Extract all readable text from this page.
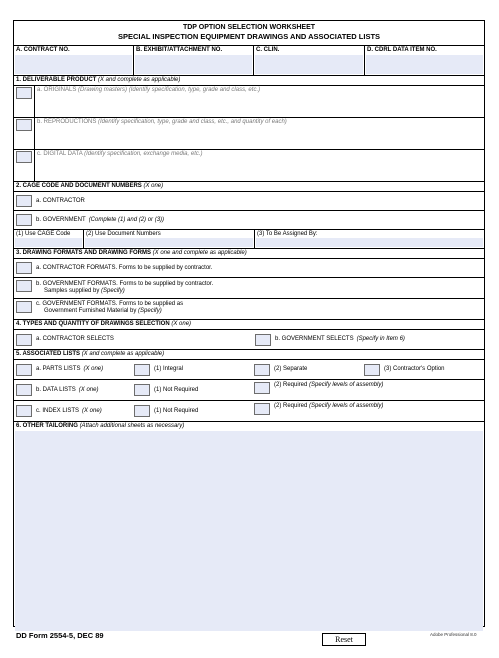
TDP OPTION SELECTION WORKSHEET
SPECIAL INSPECTION EQUIPMENT DRAWINGS AND ASSOCIATED LISTS
A. CONTRACT NO.	B. EXHIBIT/ATTACHMENT NO.	C. CLIN.	D. CDRL DATA ITEM NO.
1. DELIVERABLE PRODUCT (X and complete as applicable)
a. ORIGINALS (Drawing masters) (Identify specification, type, grade and class, etc.)
b. REPRODUCTIONS (Identify specification, type, grade and class, etc., and quantity of each)
c. DIGITAL DATA (Identify specification, exchange media, etc.)
2. CAGE CODE AND DOCUMENT NUMBERS (X one)
a. CONTRACTOR
b. GOVERNMENT (Complete (1) and (2) or (3))
(1) Use CAGE Code	(2) Use Document Numbers	(3) To Be Assigned By:
3. DRAWING FORMATS AND DRAWING FORMS (X one and complete as applicable)
a. CONTRACTOR FORMATS. Forms to be supplied by contractor.
b. GOVERNMENT FORMATS. Forms to be supplied by contractor.
Samples supplied by (Specify)
c. GOVERNMENT FORMATS. Forms to be supplied as
Government Furnished Material by (Specify)
4. TYPES AND QUANTITY OF DRAWINGS SELECTION (X one)
a. CONTRACTOR SELECTS	b. GOVERNMENT SELECTS (Specify in Item 6)
5. ASSOCIATED LISTS (X and complete as applicable)
a. PARTS LISTS (X one)	(1) Integral	(2) Separate	(3) Contractor's Option
b. DATA LISTS (X one)	(1) Not Required
(2) Required (Specify levels of assembly)
c. INDEX LISTS (X one)	(1) Not Required
(2) Required (Specify levels of assembly)
6. OTHER TAILORING (Attach additional sheets as necessary)
DD Form 2554-5, DEC 89	Reset
Adobe Professional 8.0
